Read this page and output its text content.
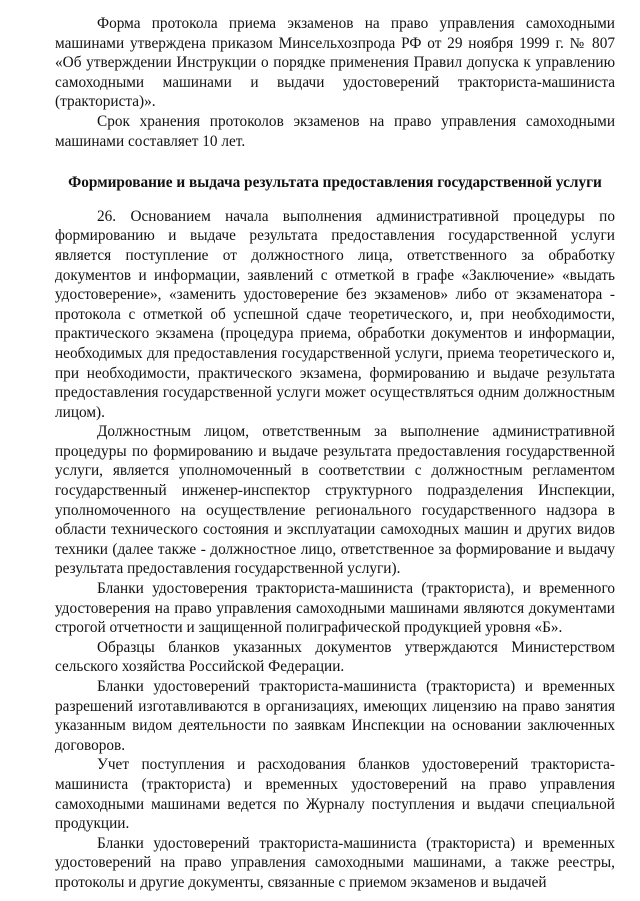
Форма протокола приема экзаменов на право управления самоходными машинами утверждена приказом Минсельхозпрода РФ от 29 ноября 1999 г. № 807 «Об утверждении Инструкции о порядке применения Правил допуска к управлению самоходными машинами и выдачи удостоверений тракториста-машиниста (тракториста)».

Срок хранения протоколов экзаменов на право управления самоходными машинами составляет 10 лет.

Формирование и выдача результата предоставления государственной услуги

26. Основанием начала выполнения административной процедуры по формированию и выдаче результата предоставления государственной услуги является поступление от должностного лица, ответственного за обработку документов и информации, заявлений с отметкой в графе «Заключение» «выдать удостоверение», «заменить удостоверение без экзаменов» либо от экзаменатора - протокола с отметкой об успешной сдаче теоретического, и, при необходимости, практического экзамена (процедура приема, обработки документов и информации, необходимых для предоставления государственной услуги, приема теоретического и, при необходимости, практического экзамена, формированию и выдаче результата предоставления государственной услуги может осуществляться одним должностным лицом).

Должностным лицом, ответственным за выполнение административной процедуры по формированию и выдаче результата предоставления государственной услуги, является уполномоченный в соответствии с должностным регламентом государственный инженер-инспектор структурного подразделения Инспекции, уполномоченного на осуществление регионального государственного надзора в области технического состояния и эксплуатации самоходных машин и других видов техники (далее также - должностное лицо, ответственное за формирование и выдачу результата предоставления государственной услуги).

Бланки удостоверения тракториста-машиниста (тракториста), и временного удостоверения на право управления самоходными машинами являются документами строгой отчетности и защищенной полиграфической продукцией уровня «Б».

Образцы бланков указанных документов утверждаются Министерством сельского хозяйства Российской Федерации.

Бланки удостоверений тракториста-машиниста (тракториста) и временных разрешений изготавливаются в организациях, имеющих лицензию на право занятия указанным видом деятельности по заявкам Инспекции на основании заключенных договоров.

Учет поступления и расходования бланков удостоверений тракториста-машиниста (тракториста) и временных удостоверений на право управления самоходными машинами ведется по Журналу поступления и выдачи специальной продукции.

Бланки удостоверений тракториста-машиниста (тракториста) и временных удостоверений на право управления самоходными машинами, а также реестры, протоколы и другие документы, связанные с приемом экзаменов и выдачей
